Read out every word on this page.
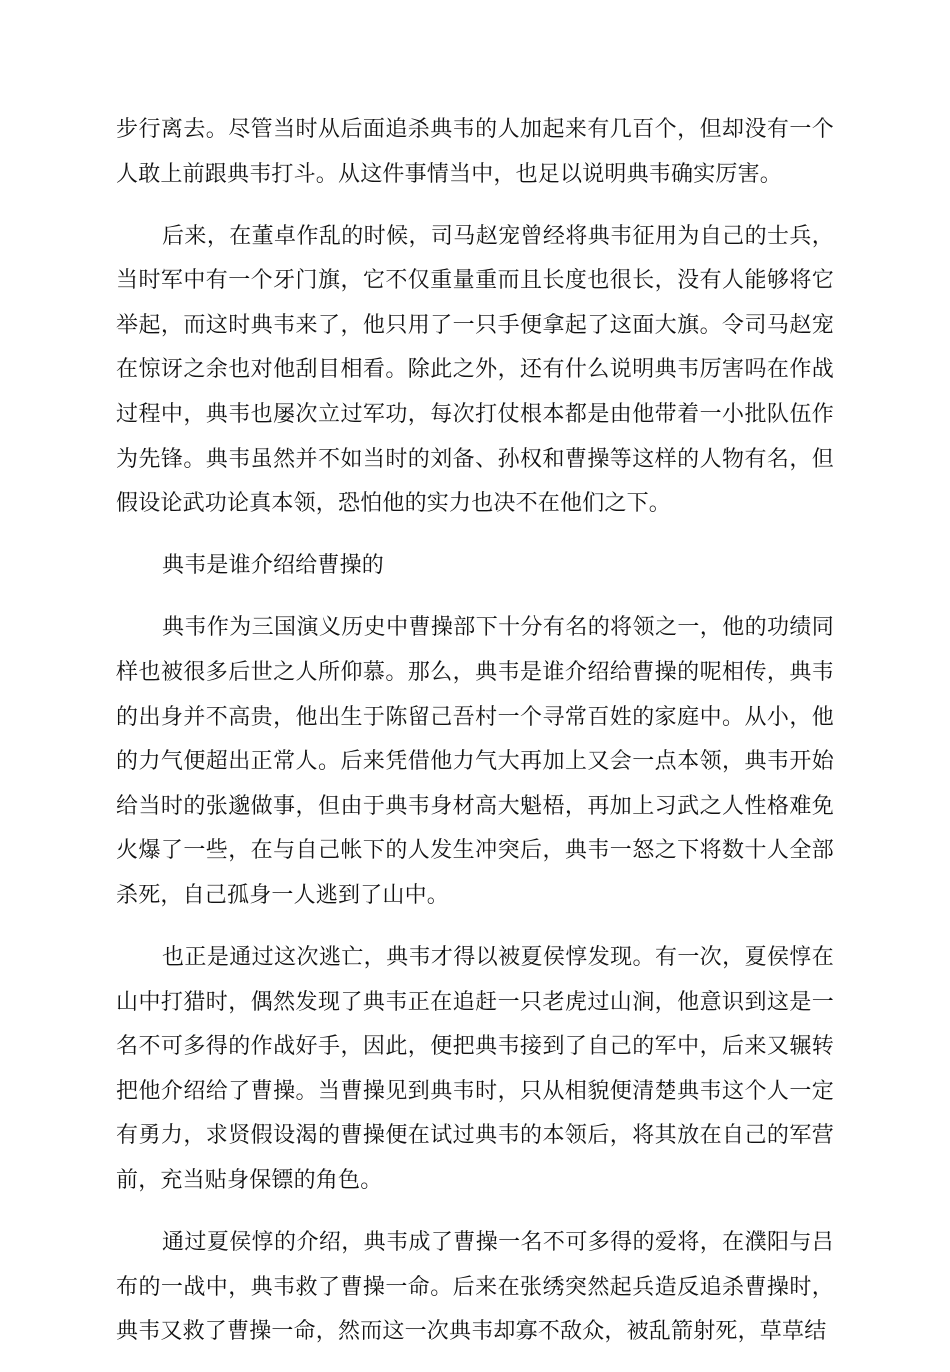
步行离去。尽管当时从后面追杀典韦的人加起来有几百个，但却没有一个人敢上前跟典韦打斗。从这件事情当中，也足以说明典韦确实厉害。

后来，在董卓作乱的时候，司马赵宠曾经将典韦征用为自己的士兵，当时军中有一个牙门旗，它不仅重量重而且长度也很长，没有人能够将它举起，而这时典韦来了，他只用了一只手便拿起了这面大旗。令司马赵宠在惊讶之余也对他刮目相看。除此之外，还有什么说明典韦厉害吗在作战过程中，典韦也屡次立过军功，每次打仗根本都是由他带着一小批队伍作为先锋。典韦虽然并不如当时的刘备、孙权和曹操等这样的人物有名，但假设论武功论真本领，恐怕他的实力也决不在他们之下。

典韦是谁介绍给曹操的

典韦作为三国演义历史中曹操部下十分有名的将领之一，他的功绩同样也被很多后世之人所仰慕。那么，典韦是谁介绍给曹操的呢相传，典韦的出身并不高贵，他出生于陈留己吾村一个寻常百姓的家庭中。从小，他的力气便超出正常人。后来凭借他力气大再加上又会一点本领，典韦开始给当时的张邈做事，但由于典韦身材高大魁梧，再加上习武之人性格难免火爆了一些，在与自己帐下的人发生冲突后，典韦一怒之下将数十人全部杀死，自己孤身一人逃到了山中。

也正是通过这次逃亡，典韦才得以被夏侯惇发现。有一次，夏侯惇在山中打猎时，偶然发现了典韦正在追赶一只老虎过山涧，他意识到这是一名不可多得的作战好手，因此，便把典韦接到了自己的军中，后来又辗转把他介绍给了曹操。当曹操见到典韦时，只从相貌便清楚典韦这个人一定有勇力，求贤假设渴的曹操便在试过典韦的本领后，将其放在自己的军营前，充当贴身保镖的角色。

通过夏侯惇的介绍，典韦成了曹操一名不可多得的爱将，在濮阳与吕布的一战中，典韦救了曹操一命。后来在张绣突然起兵造反追杀曹操时，典韦又救了曹操一命，然而这一次典韦却寡不敌众，被乱箭射死，草草结
